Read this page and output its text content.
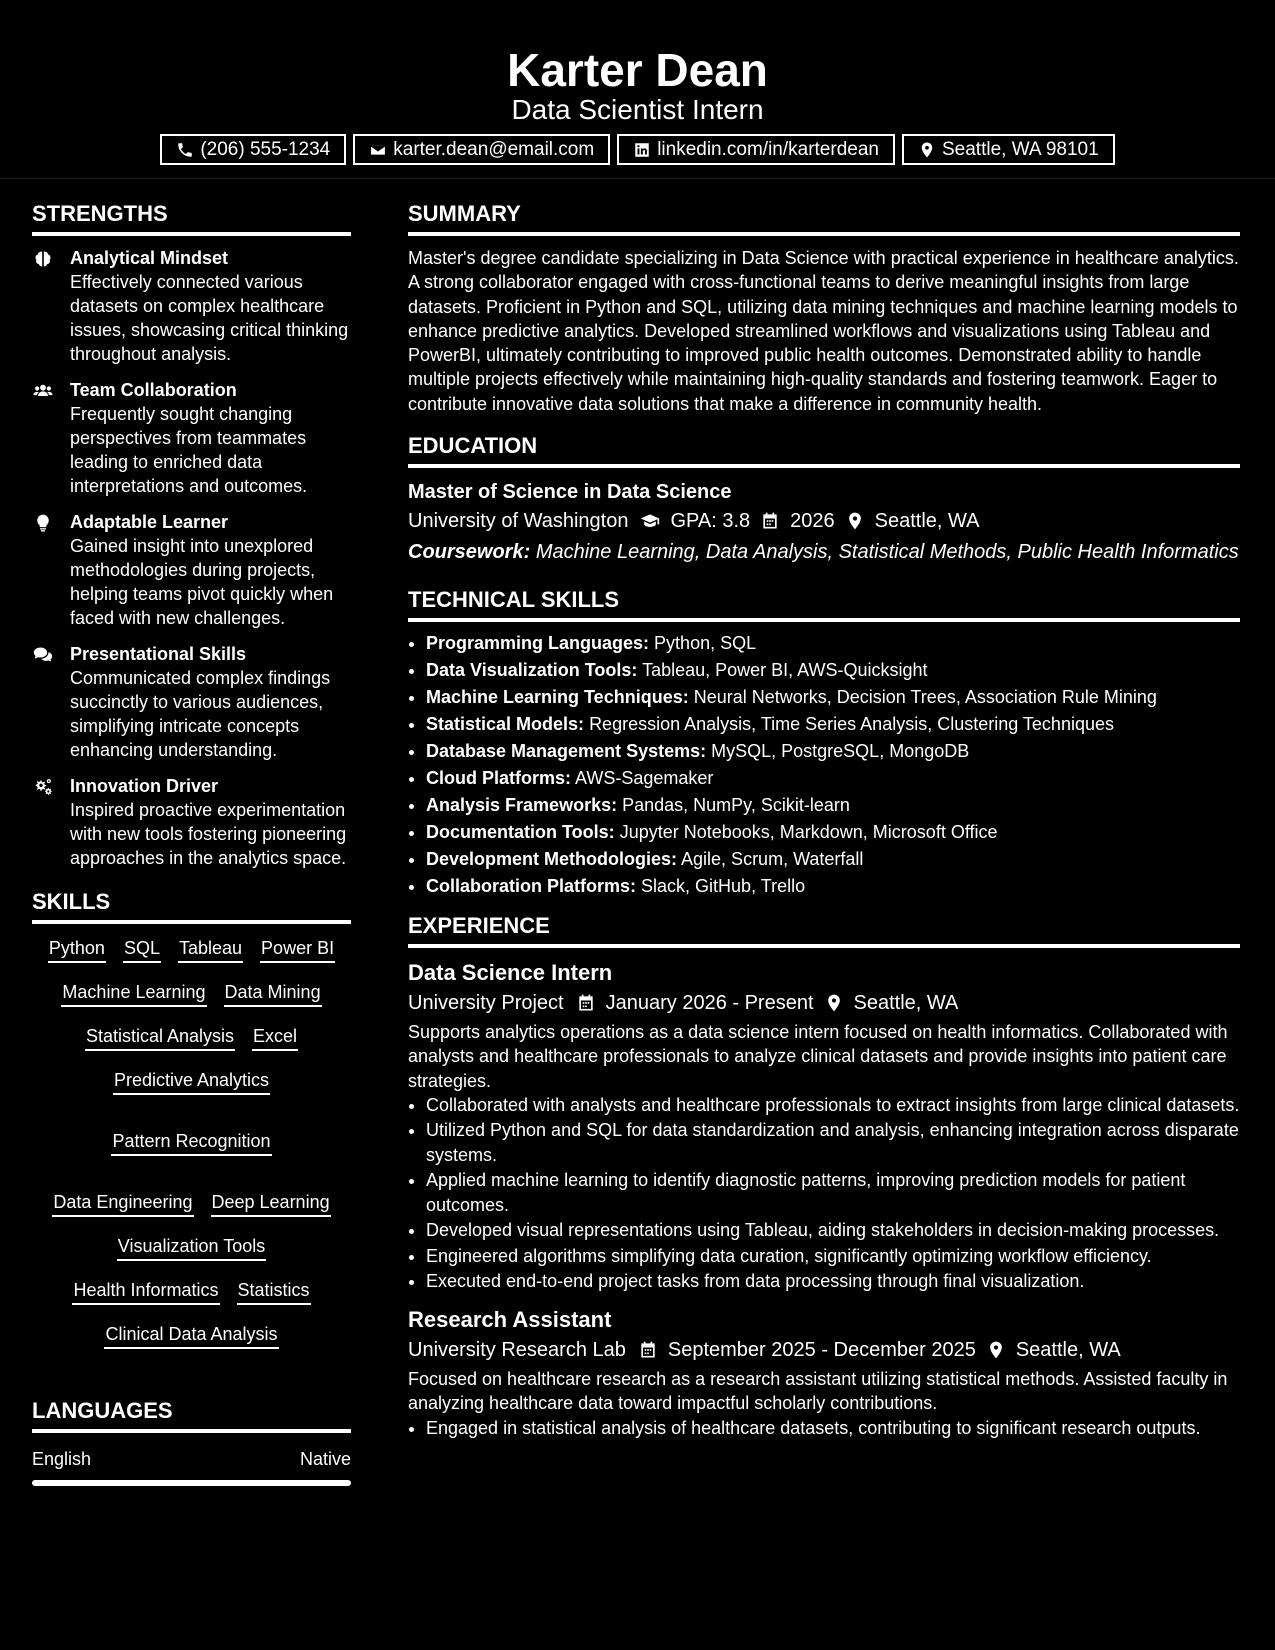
Karter Dean
Data Scientist Intern
(206) 555-1234	karter.dean@email.com	linkedin.com/in/karterdean	Seattle, WA 98101
STRENGTHS
Analytical Mindset
Effectively connected various datasets on complex healthcare issues, showcasing critical thinking throughout analysis.
Team Collaboration
Frequently sought changing perspectives from teammates leading to enriched data interpretations and outcomes.
Adaptable Learner
Gained insight into unexplored methodologies during projects, helping teams pivot quickly when faced with new challenges.
Presentational Skills
Communicated complex findings succinctly to various audiences, simplifying intricate concepts enhancing understanding.
Innovation Driver
Inspired proactive experimentation with new tools fostering pioneering approaches in the analytics space.
SKILLS
Python SQL Tableau Power BI
Machine Learning Data Mining
Statistical Analysis Excel
Predictive Analytics
Pattern Recognition
Data Engineering Deep Learning
Visualization Tools
Health Informatics Statistics
Clinical Data Analysis
LANGUAGES
English	Native
SUMMARY
Master's degree candidate specializing in Data Science with practical experience in healthcare analytics. A strong collaborator engaged with cross-functional teams to derive meaningful insights from large datasets. Proficient in Python and SQL, utilizing data mining techniques and machine learning models to enhance predictive analytics. Developed streamlined workflows and visualizations using Tableau and PowerBI, ultimately contributing to improved public health outcomes. Demonstrated ability to handle multiple projects effectively while maintaining high-quality standards and fostering teamwork. Eager to contribute innovative data solutions that make a difference in community health.
EDUCATION
Master of Science in Data Science
University of Washington GPA: 3.8 2026 Seattle, WA
Coursework: Machine Learning, Data Analysis, Statistical Methods, Public Health Informatics
TECHNICAL SKILLS
• Programming Languages: Python, SQL
• Data Visualization Tools: Tableau, Power BI, AWS-Quicksight
• Machine Learning Techniques: Neural Networks, Decision Trees, Association Rule Mining
• Statistical Models: Regression Analysis, Time Series Analysis, Clustering Techniques
• Database Management Systems: MySQL, PostgreSQL, MongoDB
• Cloud Platforms: AWS-Sagemaker
• Analysis Frameworks: Pandas, NumPy, Scikit-learn
• Documentation Tools: Jupyter Notebooks, Markdown, Microsoft Office
• Development Methodologies: Agile, Scrum, Waterfall
• Collaboration Platforms: Slack, GitHub, Trello
EXPERIENCE
Data Science Intern
University Project January 2026 - Present Seattle, WA
Supports analytics operations as a data science intern focused on health informatics. Collaborated with analysts and healthcare professionals to analyze clinical datasets and provide insights into patient care strategies.
• Collaborated with analysts and healthcare professionals to extract insights from large clinical datasets.
• Utilized Python and SQL for data standardization and analysis, enhancing integration across disparate systems.
• Applied machine learning to identify diagnostic patterns, improving prediction models for patient outcomes.
• Developed visual representations using Tableau, aiding stakeholders in decision-making processes.
• Engineered algorithms simplifying data curation, significantly optimizing workflow efficiency.
• Executed end-to-end project tasks from data processing through final visualization.
Research Assistant
University Research Lab September 2025 - December 2025 Seattle, WA
Focused on healthcare research as a research assistant utilizing statistical methods. Assisted faculty in analyzing healthcare data toward impactful scholarly contributions.
• Engaged in statistical analysis of healthcare datasets, contributing to significant research outputs.
